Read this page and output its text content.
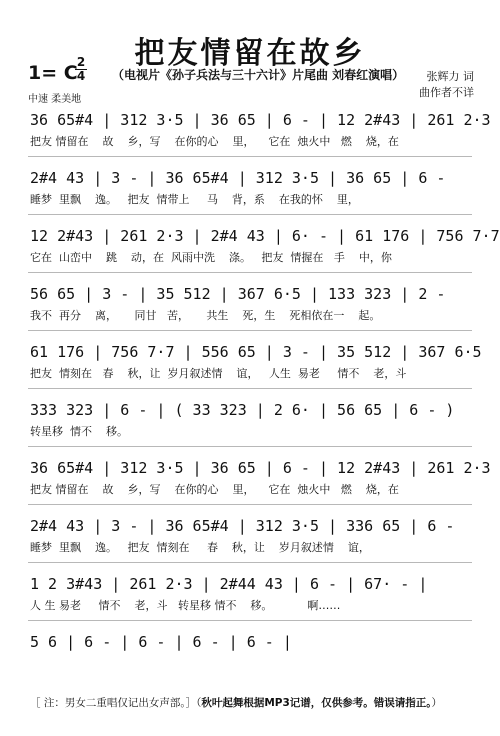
把友情留在故乡
1= C 2
4
中速 柔美地
（电视片《孙子兵法与三十六计》片尾曲 刘春红演唱） 张辉力 词
曲作者不详
36 65#4 | 312 3·5 | 36 65 | 6 - | 12 2#43 | 261 2·3
把友 情留在    故    乡，写    在你的心    里，    它在  烛火中   燃    烧，在
2#4 43 | 3 - | 36 65#4 | 312 3·5 | 36 65 | 6 -
睡梦  里飘    逸。   把友  情带上     马    背，系    在我的怀    里，
12 2#43 | 261 2·3 | 2#4 43 | 6· - | 61 176 | 756 7·7
它在  山峦中    跳    动，在  风雨中洗    涤。   把友  情握在   手    中，你
56 65 | 3 - | 35 512 | 367 6·5 | 133 323 | 2 -
我不  再分    离，     同甘   苦，     共生    死，生    死相依在一    起。
61 176 | 756 7·7 | 556 65 | 3 - | 35 512 | 367 6·5
把友  情刻在   春    秋，让  岁月叙述情    谊，   人生  易老     情不    老，斗
333 323 | 6 - | ( 33 323 | 2 6· | 56 65 | 6 - )
转星移  情不    移。
36 65#4 | 312 3·5 | 36 65 | 6 - | 12 2#43 | 261 2·3
把友 情留在    故    乡，写    在你的心    里，    它在  烛火中   燃    烧，在
2#4 43 | 3 - | 36 65#4 | 312 3·5 | 336 65 | 6 -
睡梦  里飘    逸。   把友  情刻在     春    秋，让    岁月叙述情    谊，
1 2 3#43 | 261 2·3 | 2#44 43 | 6 - | 67· - |
人 生 易老     情不    老，斗   转星移 情不    移。          啊……
5 6 | 6 - | 6 - | 6 - | 6 - |
［ 注：男女二重唱仅记出女声部。］（秋叶起舞根据MP3记谱，仅供参考。错误请指正。）
